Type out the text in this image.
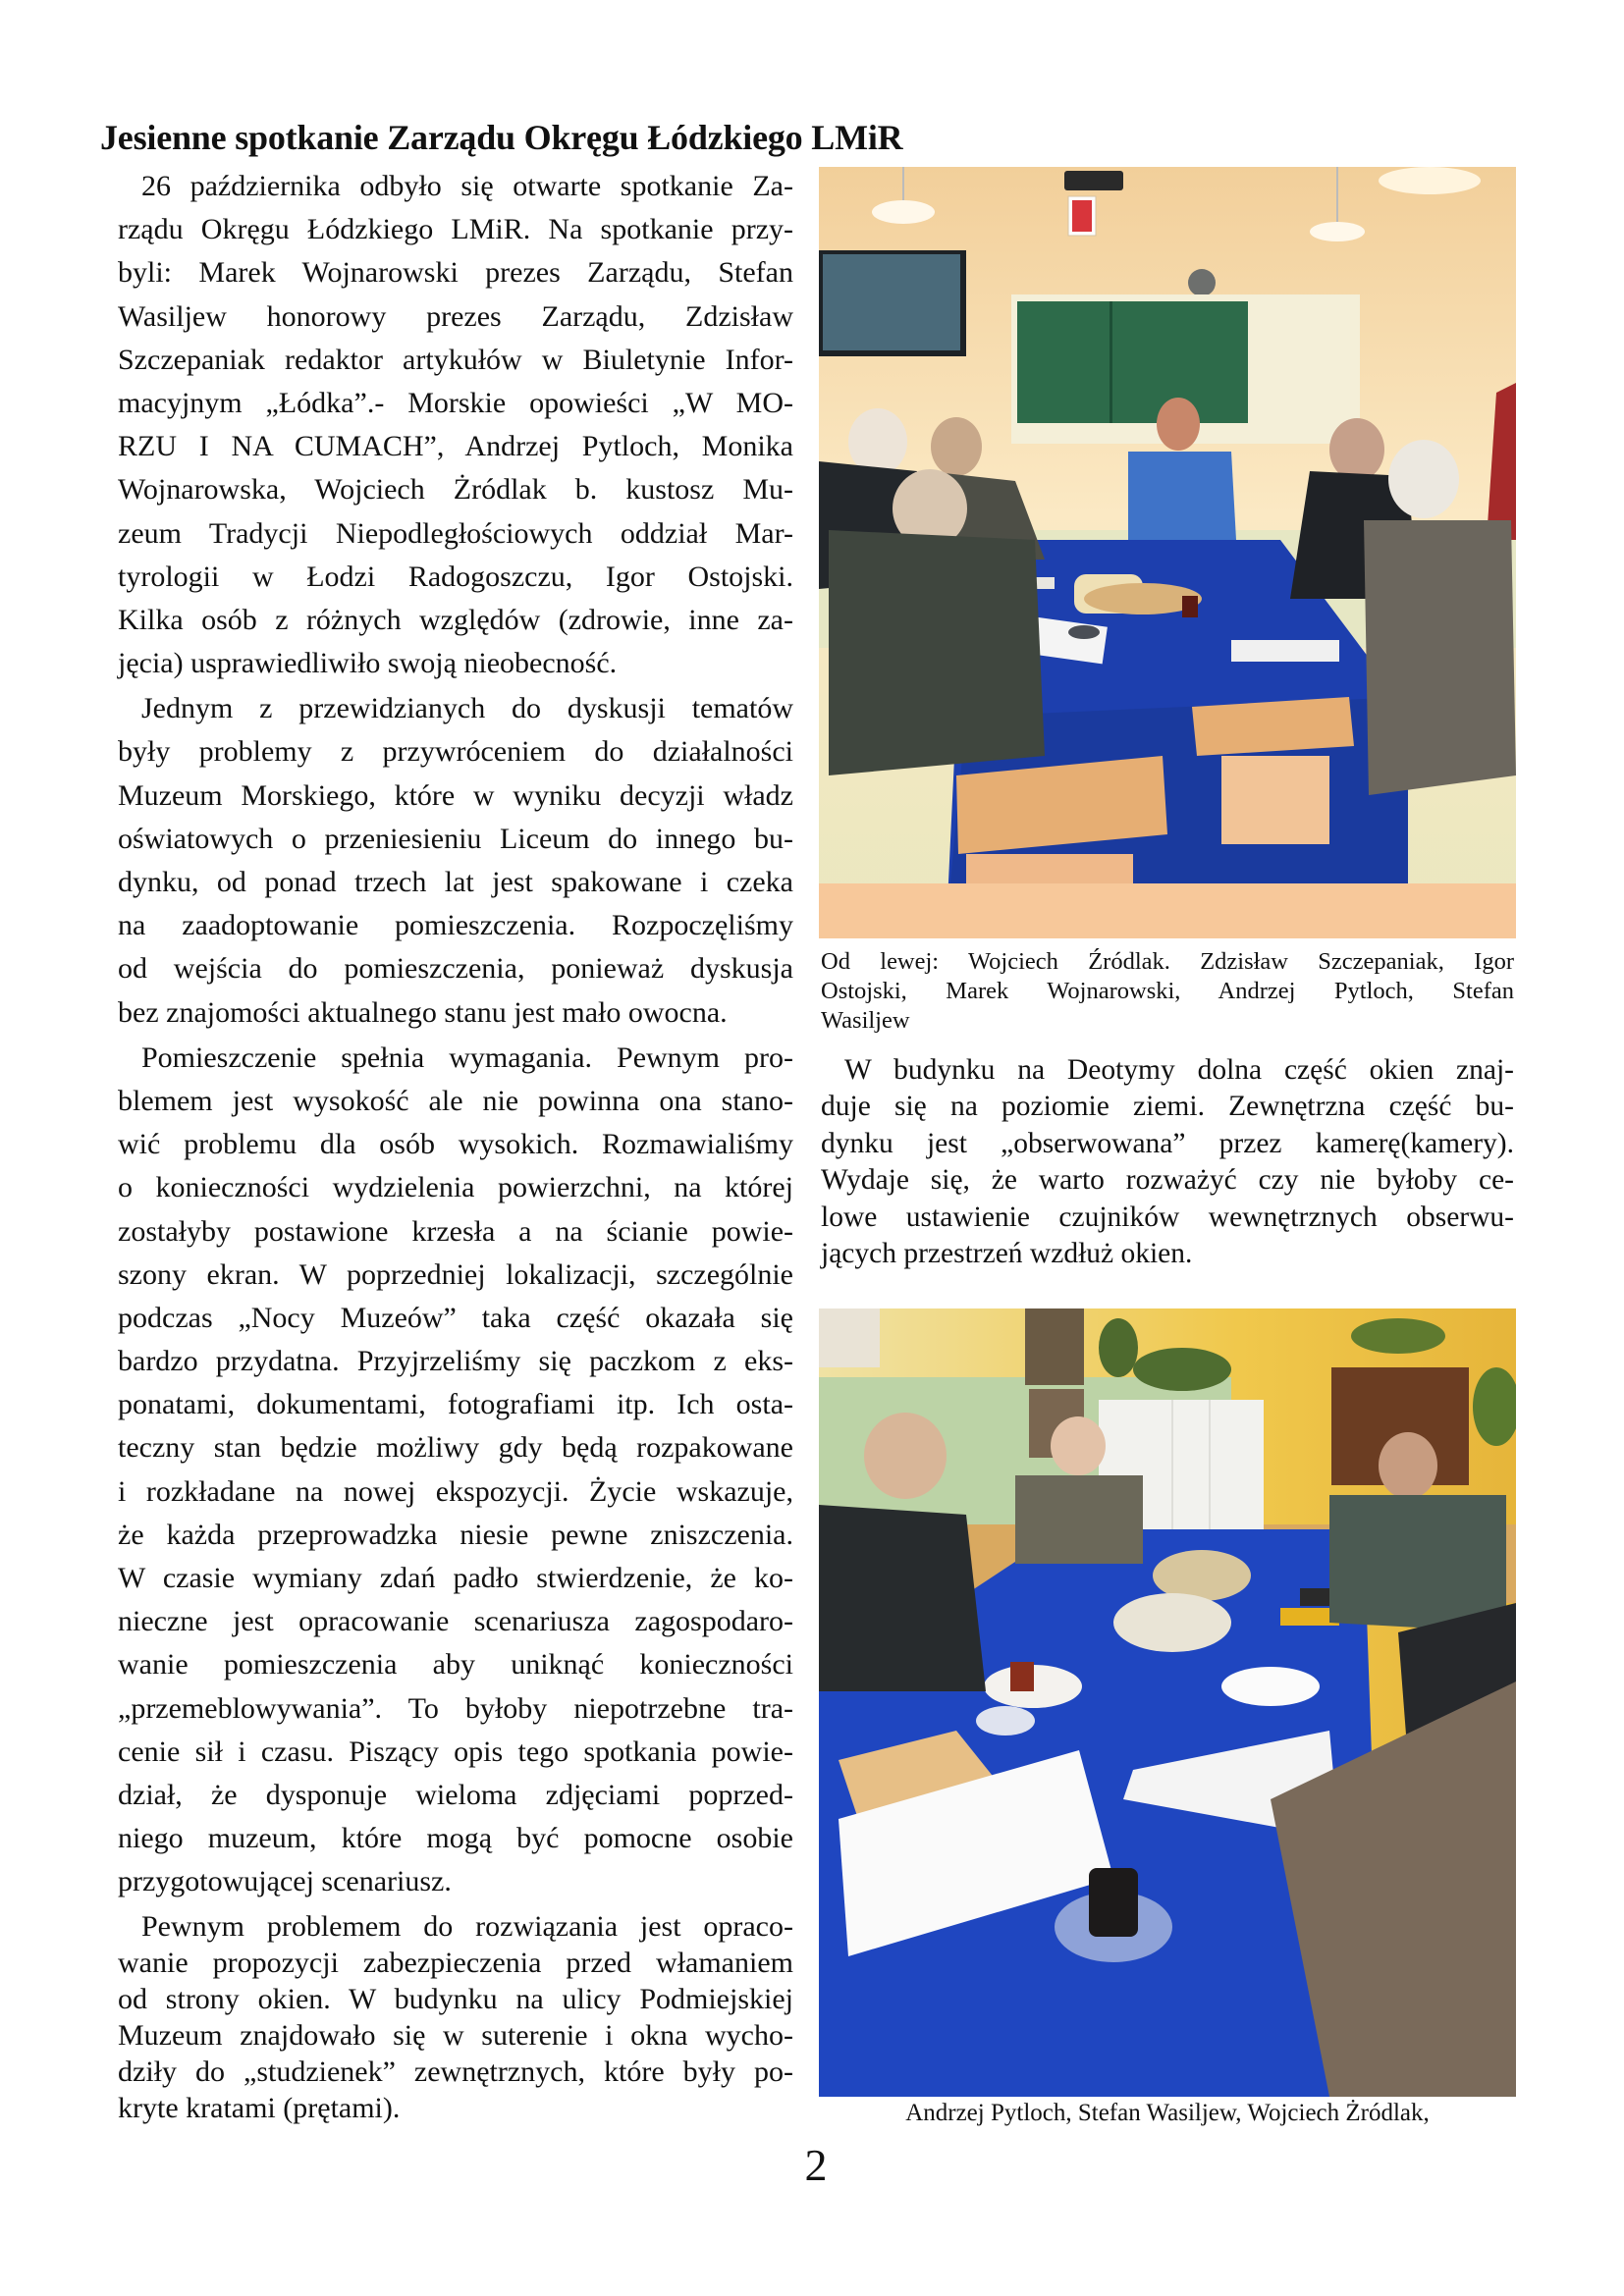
Jesienne spotkanie Zarządu Okręgu Łódzkiego LMiR
26 października odbyło się otwarte spotkanie Za-
rządu Okręgu Łódzkiego LMiR. Na spotkanie przy-
byli: Marek Wojnarowski prezes Zarządu, Stefan
Wasiljew honorowy prezes Zarządu, Zdzisław
Szczepaniak redaktor artykułów w Biuletynie Infor-
macyjnym „Łódka”.- Morskie opowieści „W MO-
RZU I NA CUMACH”, Andrzej Pytloch, Monika
Wojnarowska, Wojciech Żródlak b. kustosz Mu-
zeum Tradycji Niepodległościowych oddział Mar-
tyrologii w Łodzi Radogoszczu, Igor Ostojski.
Kilka osób z różnych względów (zdrowie, inne za-
jęcia) usprawiedliwiło swoją nieobecność.
Jednym z przewidzianych do dyskusji tematów
były problemy z przywróceniem do działalności
Muzeum Morskiego, które w wyniku decyzji władz
oświatowych o przeniesieniu Liceum do innego bu-
dynku, od ponad trzech lat jest spakowane i czeka
na zaadoptowanie pomieszczenia. Rozpoczęliśmy
od wejścia do pomieszczenia, ponieważ dyskusja
bez znajomości aktualnego stanu jest mało owocna.
Pomieszczenie spełnia wymagania. Pewnym pro-
blemem jest wysokość ale nie powinna ona stano-
wić problemu dla osób wysokich. Rozmawialiśmy
o konieczności wydzielenia powierzchni, na której
zostałyby postawione krzesła a na ścianie powie-
szony ekran. W poprzedniej lokalizacji, szczególnie
podczas „Nocy Muzeów” taka część okazała się
bardzo przydatna. Przyjrzeliśmy się paczkom z eks-
ponatami, dokumentami, fotografiami itp. Ich osta-
teczny stan będzie możliwy gdy będą rozpakowane
i rozkładane na nowej ekspozycji. Życie wskazuje,
że każda przeprowadzka niesie pewne zniszczenia.
W czasie wymiany zdań padło stwierdzenie, że ko-
nieczne jest opracowanie scenariusza zagospodaro-
wanie pomieszczenia aby uniknąć konieczności
„przemeblowywania”. To byłoby niepotrzebne tra-
cenie sił i czasu. Piszący opis tego spotkania powie-
dział, że dysponuje wieloma zdjęciami poprzed-
niego muzeum, które mogą być pomocne osobie
przygotowującej scenariusz.
Pewnym problemem do rozwiązania jest opraco-
wanie propozycji zabezpieczenia przed włamaniem
od strony okien. W budynku na ulicy Podmiejskiej
Muzeum znajdowało się w suterenie i okna wycho-
dziły do „studzienek” zewnętrznych, które były po-
kryte kratami (prętami).
Od lewej: Wojciech Źródlak. Zdzisław Szczepaniak, Igor
Ostojski, Marek Wojnarowski, Andrzej Pytloch, Stefan
Wasiljew
W budynku na Deotymy dolna część okien znaj-
duje się na poziomie ziemi. Zewnętrzna część bu-
dynku jest „obserwowana” przez kamerę(kamery).
Wydaje się, że warto rozważyć czy nie byłoby ce-
lowe ustawienie czujników wewnętrznych obserwu-
jących przestrzeń wzdłuż okien.
Andrzej Pytloch, Stefan Wasiljew, Wojciech Żródlak,
2
